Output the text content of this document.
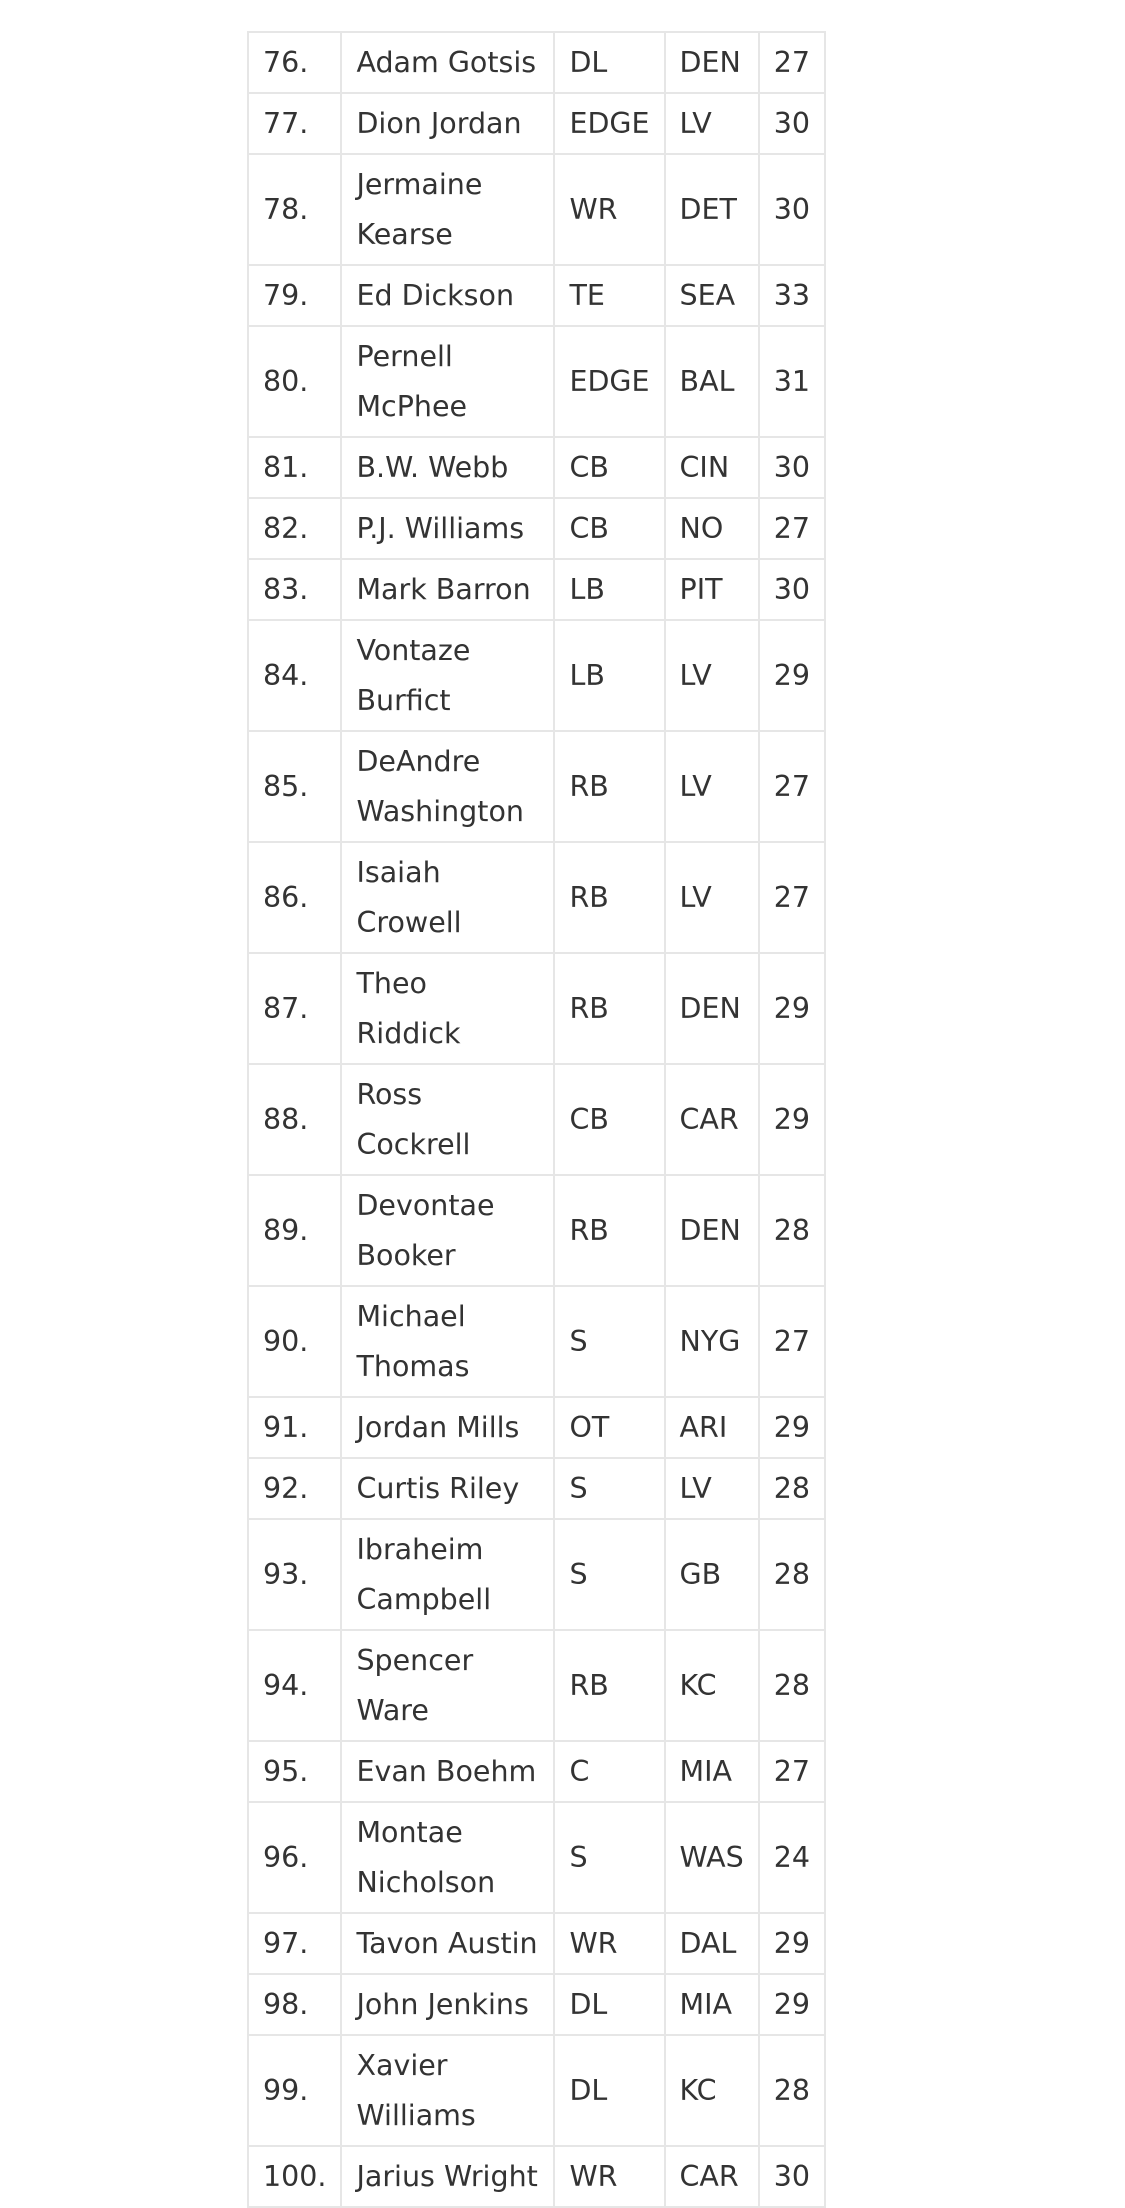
76.	Adam Gotsis	DL	DEN	27
77.	Dion Jordan	EDGE	LV	30
78.	Jermaine Kearse	WR	DET	30
79.	Ed Dickson	TE	SEA	33
80.	Pernell McPhee	EDGE	BAL	31
81.	B.W. Webb	CB	CIN	30
82.	P.J. Williams	CB	NO	27
83.	Mark Barron	LB	PIT	30
84.	Vontaze Burfict	LB	LV	29
85.	DeAndre Washington	RB	LV	27
86.	Isaiah Crowell	RB	LV	27
87.	Theo Riddick	RB	DEN	29
88.	Ross Cockrell	CB	CAR	29
89.	Devontae Booker	RB	DEN	28
90.	Michael Thomas	S	NYG	27
91.	Jordan Mills	OT	ARI	29
92.	Curtis Riley	S	LV	28
93.	Ibraheim Campbell	S	GB	28
94.	Spencer Ware	RB	KC	28
95.	Evan Boehm	C	MIA	27
96.	Montae Nicholson	S	WAS	24
97.	Tavon Austin	WR	DAL	29
98.	John Jenkins	DL	MIA	29
99.	Xavier Williams	DL	KC	28
100.	Jarius Wright	WR	CAR	30
